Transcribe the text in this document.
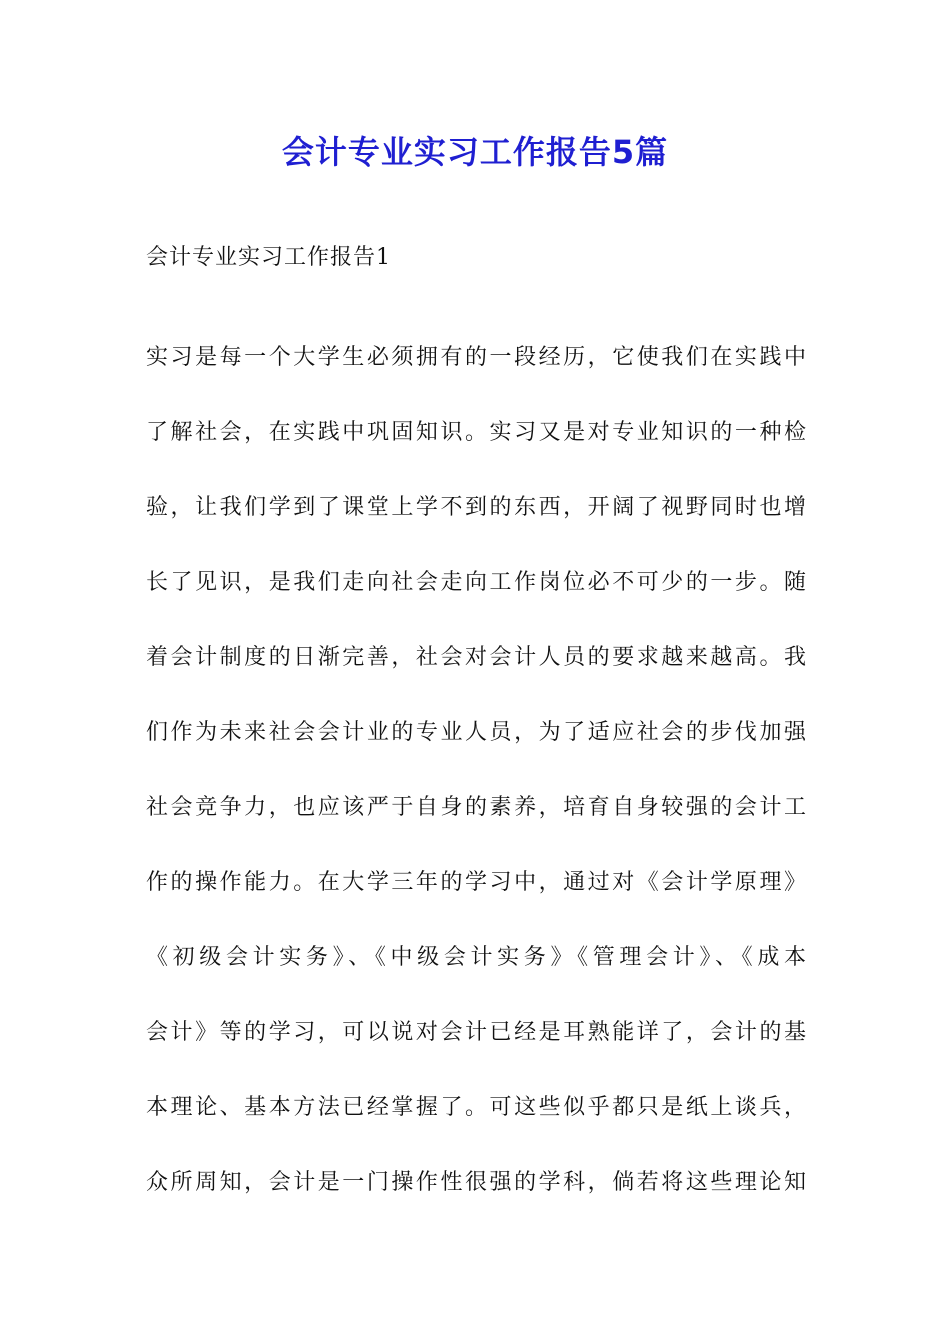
会计专业实习工作报告5篇
会计专业实习工作报告1
实习是每一个大学生必须拥有的一段经历，它使我们在实践中
了解社会，在实践中巩固知识。实习又是对专业知识的一种检
验，让我们学到了课堂上学不到的东西，开阔了视野同时也增
长了见识，是我们走向社会走向工作岗位必不可少的一步。随
着会计制度的日渐完善，社会对会计人员的要求越来越高。我
们作为未来社会会计业的专业人员，为了适应社会的步伐加强
社会竞争力，也应该严于自身的素养，培育自身较强的会计工
作的操作能力。在大学三年的学习中，通过对《会计学原理》
《初级会计实务》、《中级会计实务》《管理会计》、《成本
会计》等的学习，可以说对会计已经是耳熟能详了，会计的基
本理论、基本方法已经掌握了。可这些似乎都只是纸上谈兵，
众所周知，会计是一门操作性很强的学科，倘若将这些理论知
